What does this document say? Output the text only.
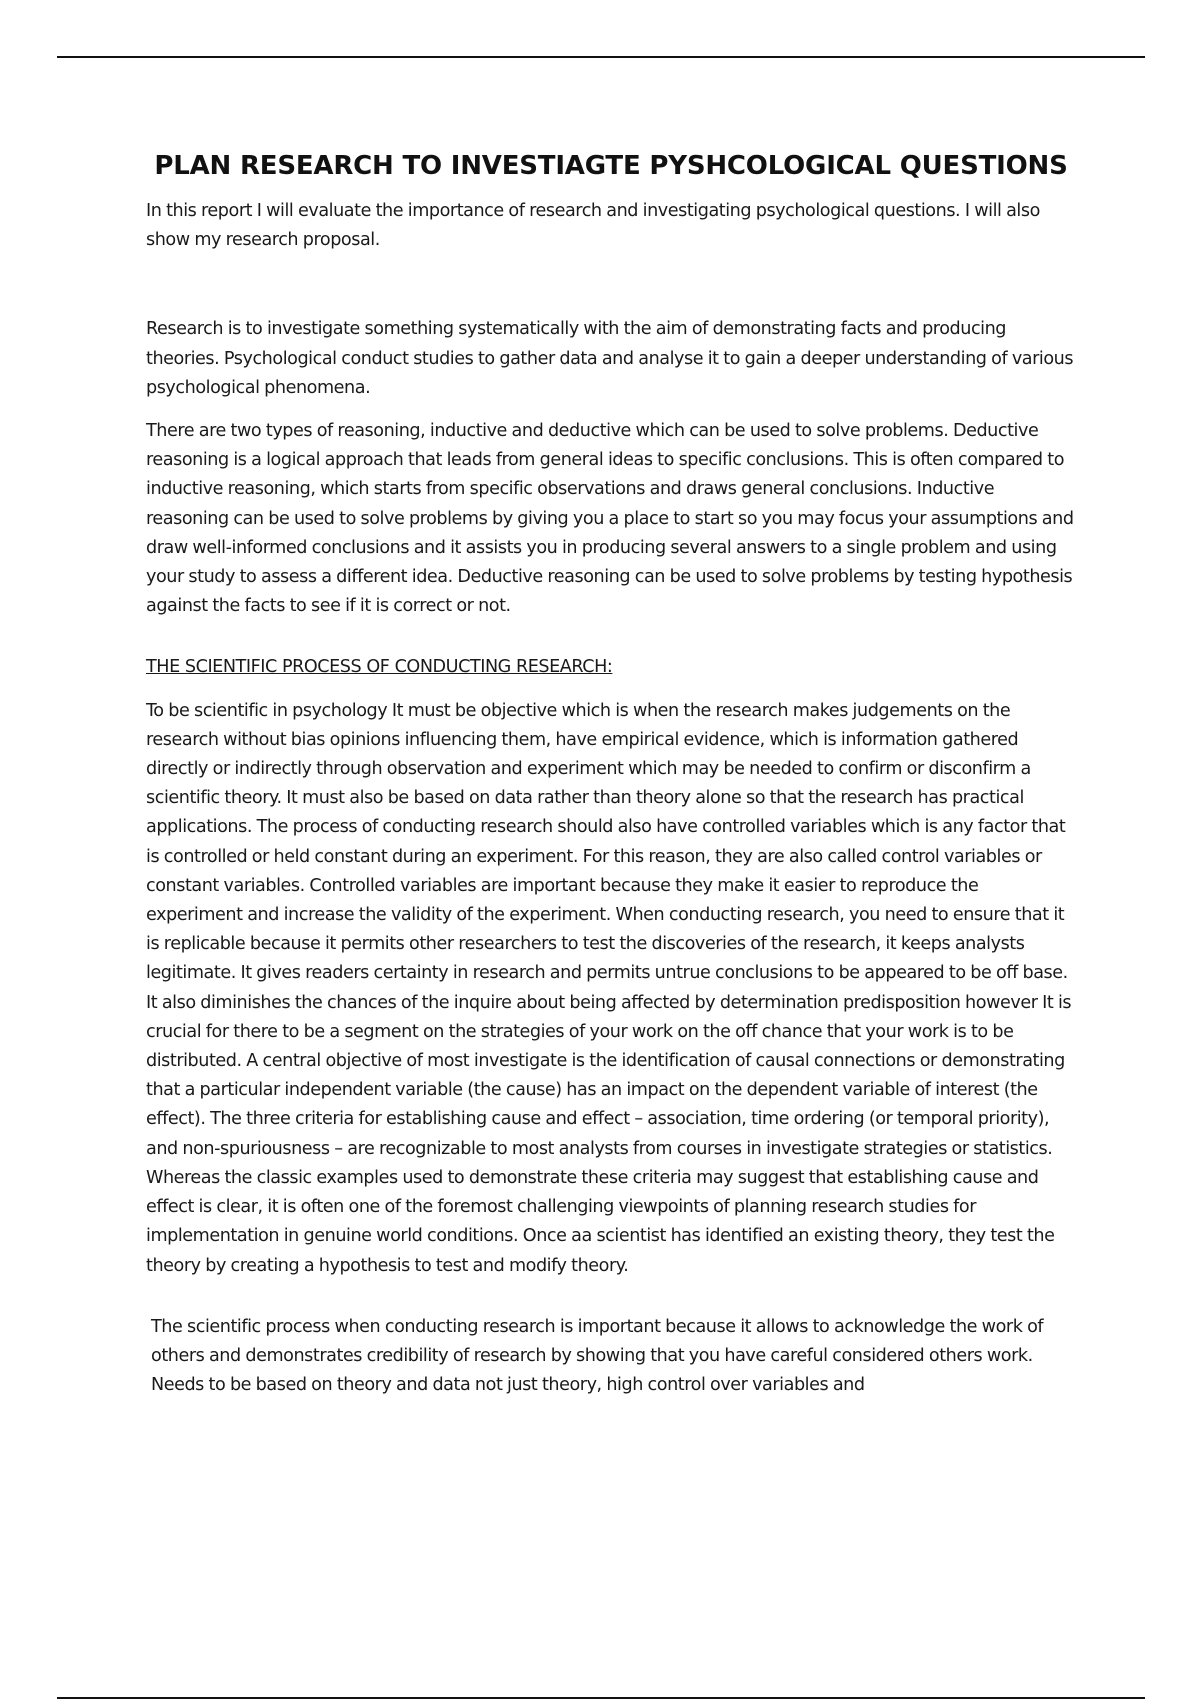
PLAN RESEARCH TO INVESTIAGTE PYSHCOLOGICAL QUESTIONS

In this report I will evaluate the importance of research and investigating psychological questions. I will also show my research proposal.

Research is to investigate something systematically with the aim of demonstrating facts and producing theories. Psychological conduct studies to gather data and analyse it to gain a deeper understanding of various psychological phenomena.

There are two types of reasoning, inductive and deductive which can be used to solve problems. Deductive reasoning is a logical approach that leads from general ideas to specific conclusions. This is often compared to inductive reasoning, which starts from specific observations and draws general conclusions. Inductive reasoning can be used to solve problems by giving you a place to start so you may focus your assumptions and draw well-informed conclusions and it assists you in producing several answers to a single problem and using your study to assess a different idea. Deductive reasoning can be used to solve problems by testing hypothesis against the facts to see if it is correct or not.

THE SCIENTIFIC PROCESS OF CONDUCTING RESEARCH:

To be scientific in psychology It must be objective which is when the research makes judgements on the research without bias opinions influencing them, have empirical evidence, which is information gathered directly or indirectly through observation and experiment which may be needed to confirm or disconfirm a scientific theory. It must also be based on data rather than theory alone so that the research has practical applications. The process of conducting research should also have controlled variables which is any factor that is controlled or held constant during an experiment. For this reason, they are also called control variables or constant variables. Controlled variables are important because they make it easier to reproduce the experiment and increase the validity of the experiment. When conducting research, you need to ensure that it is replicable because it permits other researchers to test the discoveries of the research, it keeps analysts legitimate. It gives readers certainty in research and permits untrue conclusions to be appeared to be off base. It also diminishes the chances of the inquire about being affected by determination predisposition however It is crucial for there to be a segment on the strategies of your work on the off chance that your work is to be distributed. A central objective of most investigate is the identification of causal connections or demonstrating that a particular independent variable (the cause) has an impact on the dependent variable of interest (the effect). The three criteria for establishing cause and effect – association, time ordering (or temporal priority), and non-spuriousness – are recognizable to most analysts from courses in investigate strategies or statistics. Whereas the classic examples used to demonstrate these criteria may suggest that establishing cause and effect is clear, it is often one of the foremost challenging viewpoints of planning research studies for implementation in genuine world conditions. Once aa scientist has identified an existing theory, they test the theory by creating a hypothesis to test and modify theory.

The scientific process when conducting research is important because it allows to acknowledge the work of others and demonstrates credibility of research by showing that you have careful considered others work. Needs to be based on theory and data not just theory, high control over variables and
